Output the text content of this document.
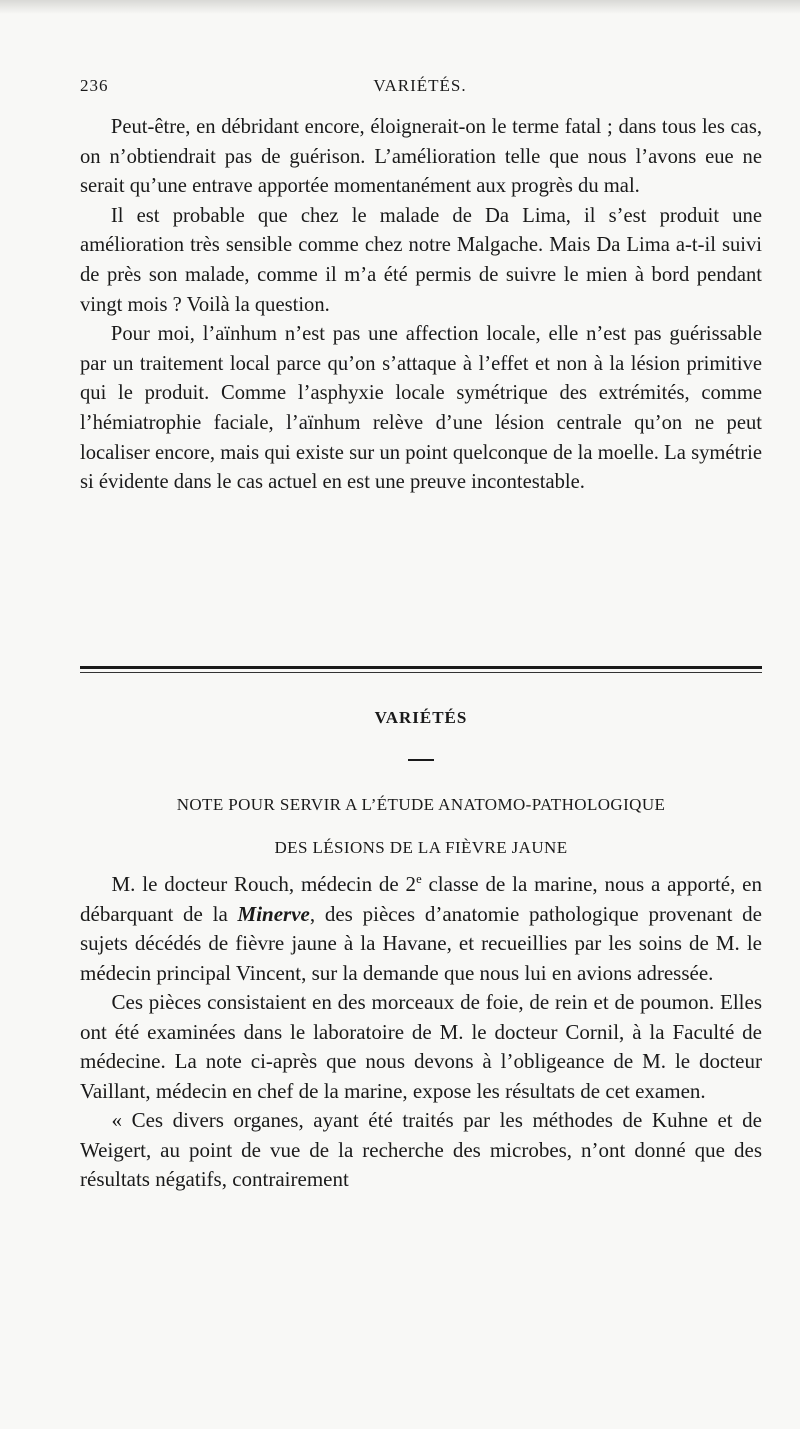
236	VARIÉTÉS.

Peut-être, en débridant encore, éloignerait-on le terme fatal ; dans tous les cas, on n’obtiendrait pas de guérison. L’amélioration telle que nous l’avons eue ne serait qu’une entrave apportée momentanément aux progrès du mal.

Il est probable que chez le malade de Da Lima, il s’est produit une amélioration très sensible comme chez notre Malgache. Mais Da Lima a-t-il suivi de près son malade, comme il m’a été permis de suivre le mien à bord pendant vingt mois ? Voilà la question.

Pour moi, l’aïnhum n’est pas une affection locale, elle n’est pas guérissable par un traitement local parce qu’on s’attaque à l’effet et non à la lésion primitive qui le produit. Comme l’asphyxie locale symétrique des extrémités, comme l’hémiatrophie faciale, l’aïnhum relève d’une lésion centrale qu’on ne peut localiser encore, mais qui existe sur un point quelconque de la moelle. La symétrie si évidente dans le cas actuel en est une preuve incontestable.

VARIÉTÉS
NOTE POUR SERVIR A L’ÉTUDE ANATOMO-PATHOLOGIQUE
DES LÉSIONS DE LA FIÈVRE JAUNE

M. le docteur Rouch, médecin de 2e classe de la marine, nous a apporté, en débarquant de la Minerve, des pièces d’anatomie pathologique provenant de sujets décédés de fièvre jaune à la Havane, et recueillies par les soins de M. le médecin principal Vincent, sur la demande que nous lui en avions adressée.

Ces pièces consistaient en des morceaux de foie, de rein et de poumon. Elles ont été examinées dans le laboratoire de M. le docteur Cornil, à la Faculté de médecine. La note ci-après que nous devons à l’obligeance de M. le docteur Vaillant, médecin en chef de la marine, expose les résultats de cet examen.

« Ces divers organes, ayant été traités par les méthodes de Kuhne et de Weigert, au point de vue de la recherche des microbes, n’ont donné que des résultats négatifs, contrairement
